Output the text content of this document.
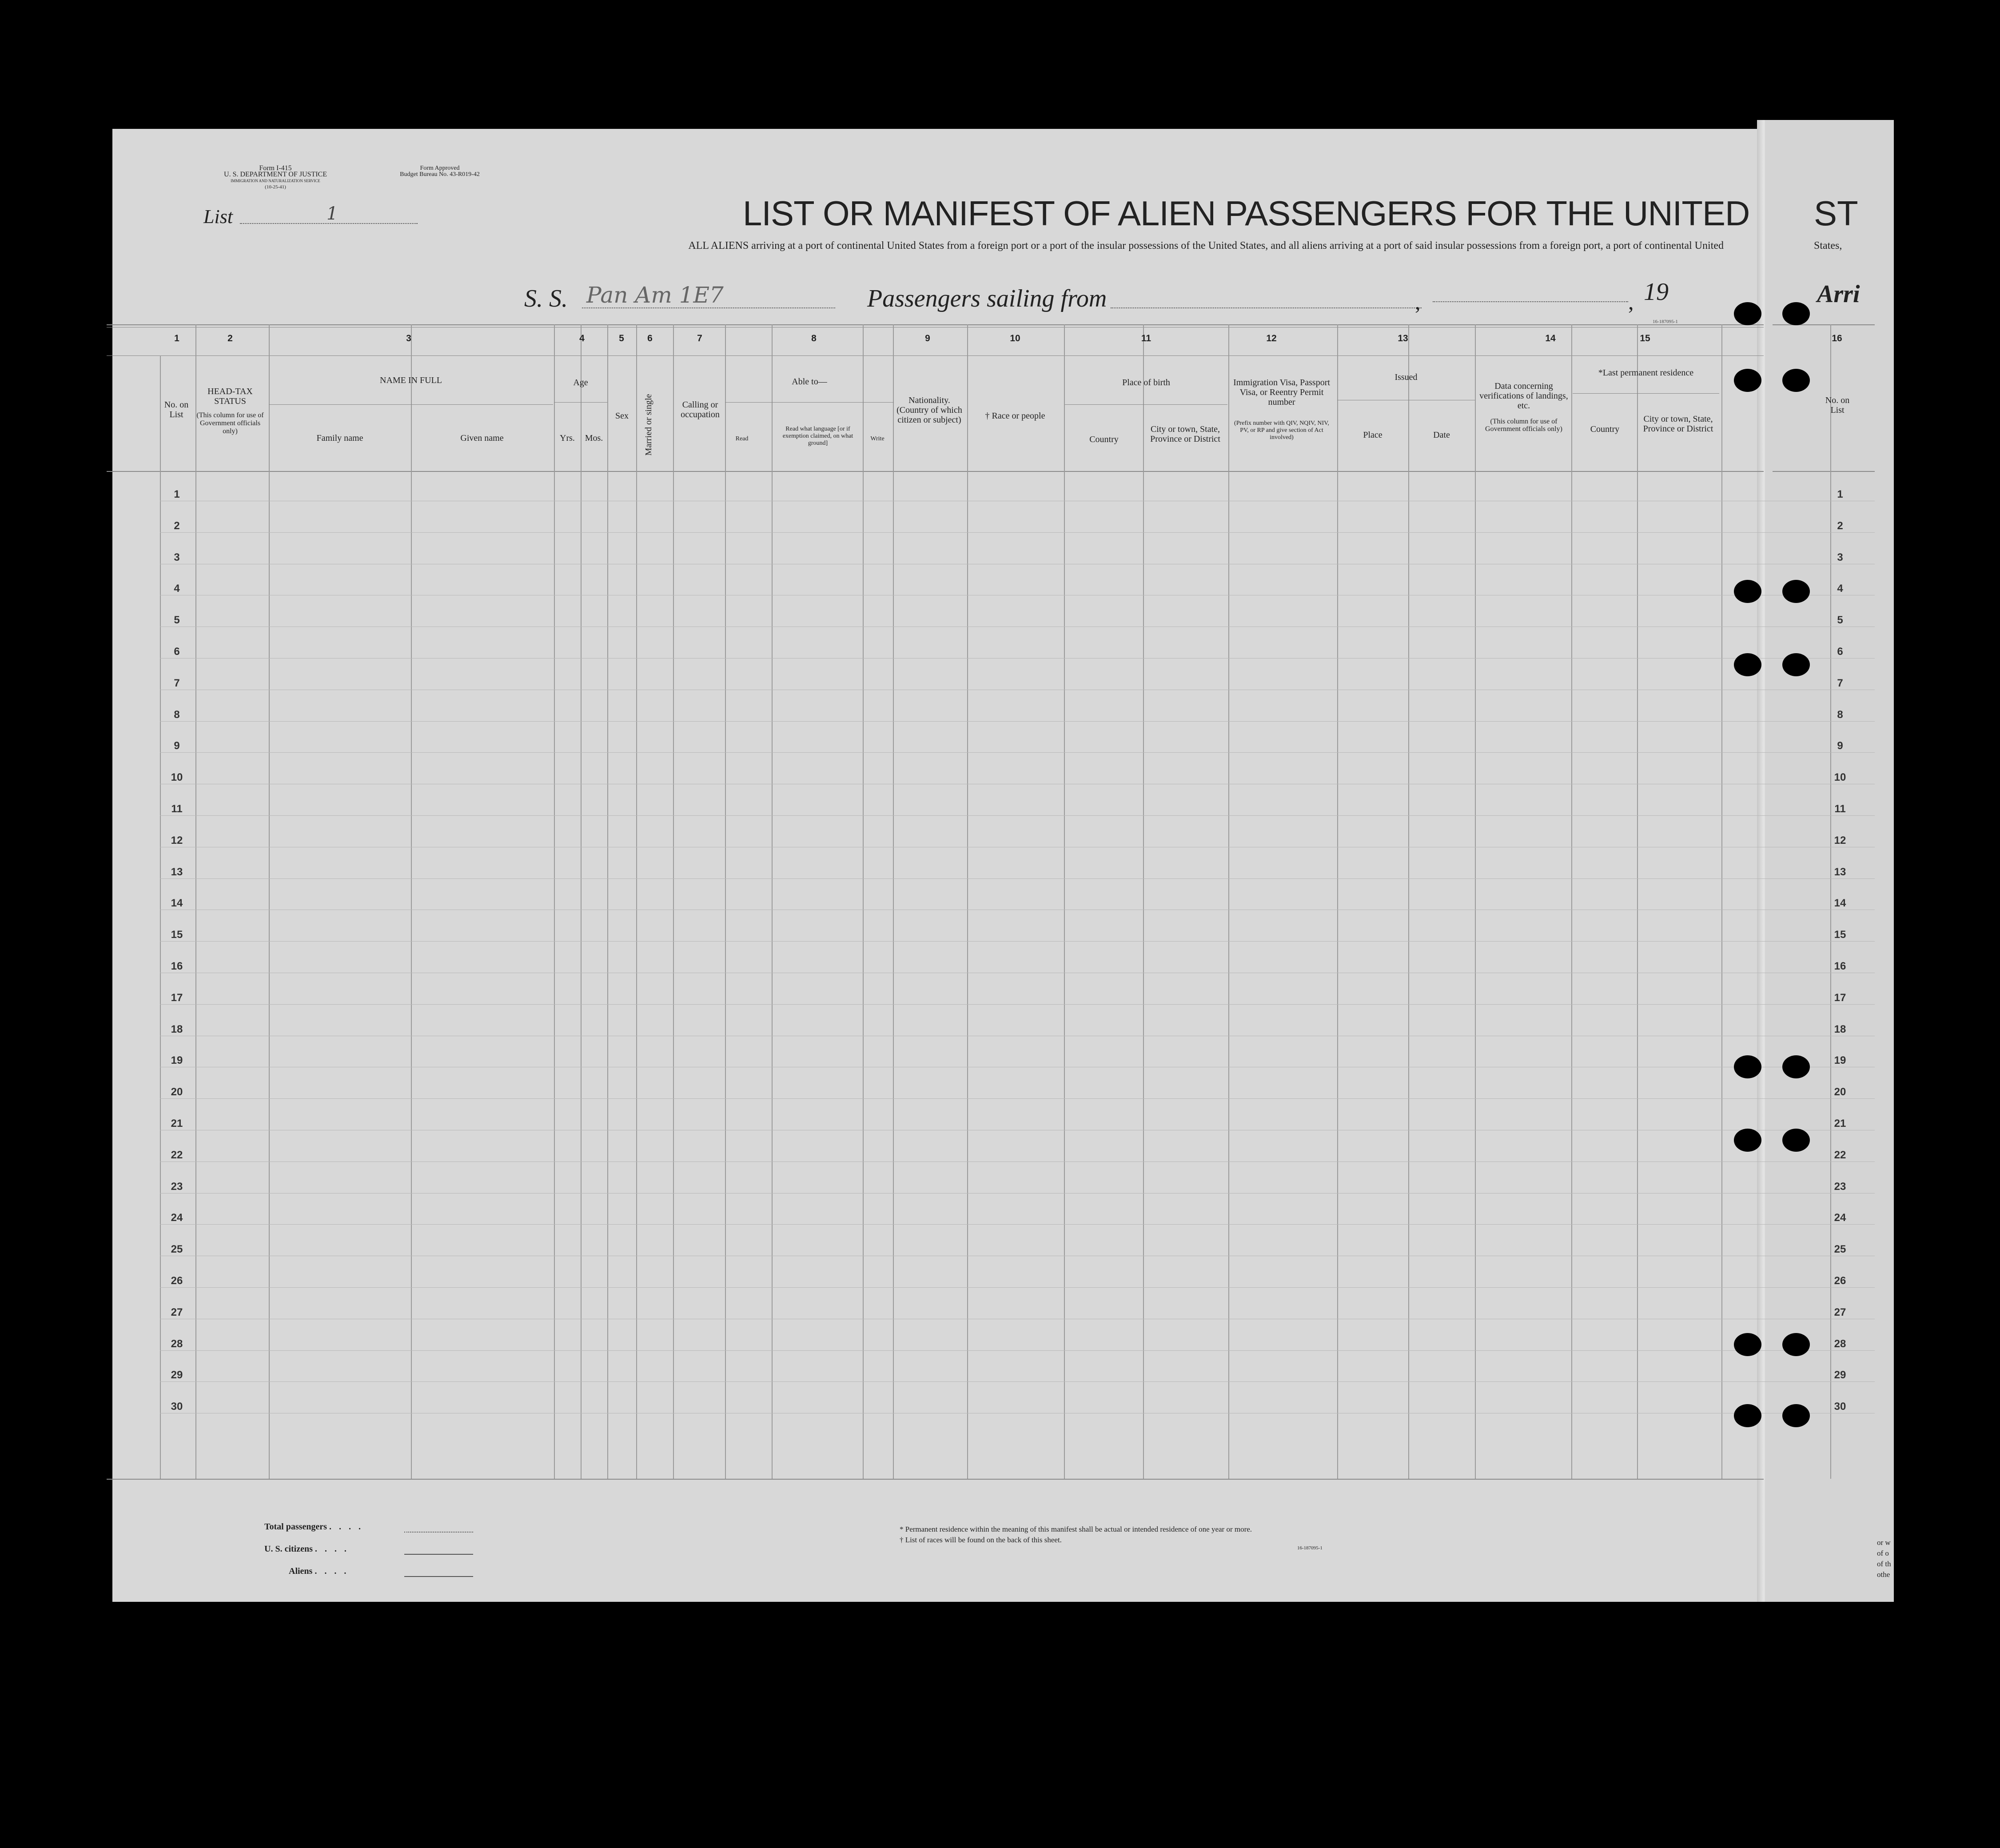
Form I-415
U. S. DEPARTMENT OF JUSTICE
IMMIGRATION AND NATURALIZATION SERVICE
(10-25-41)
Form Approved
Budget Bureau No. 43-R019-42
List	1	LIST OR MANIFEST OF ALIEN PASSENGERS FOR THE UNITED ST
ALL ALIENS arriving at a port of continental United States from a foreign port or a port of the insular possessions of the United States, and all aliens arriving at a port of said insular possessions from a foreign port, a port of continental United	States,
S. S. Pan Am 1E7	Passengers sailing from	,	, 19	Arri
16-187095-1
1	2	3	4	5	6	7	8	9	10	11	12	13	14	15	16
No. on List
HEAD-TAX STATUS
(This column for use of Government officials only)
NAME IN FULL
Family name	Given name
Age
Yrs.	Mos.
Sex	Married or single	Calling or occupation
Able to—
Read
Read what language [or if exemption claimed, on what ground]
Write
Nationality. (Country of which citizen or subject)	† Race or people
Place of birth
Country
City or town, State, Province or District
Immigration Visa, Passport Visa, or Reentry Permit number
(Prefix number with QIV, NQIV, NIV, PV, or RP and give section of Act involved)
Issued
Place	Date
Data concerning verifications of landings, etc.
(This column for use of Government officials only)
*Last permanent residence
Country
City or town, State, Province or District
No. on List
1	1
2	2
3	3
4	4
5	5
6	6
7	7
8	8
9	9
10	10
11	11
12	12
13	13
14	14
15	15
16	16
17	17
18	18
19	19
20	20
21	21
22	22
23	23
24	24
25	25
26	26
27	27
28	28
29	29
30	30
Total passengers . . . .
U. S. citizens . . . .
Aliens . . . .
* Permanent residence within the meaning of this manifest shall be actual or intended residence of one year or more.
† List of races will be found on the back of this sheet.
16-187095-1
or w
of o
of th
othe
